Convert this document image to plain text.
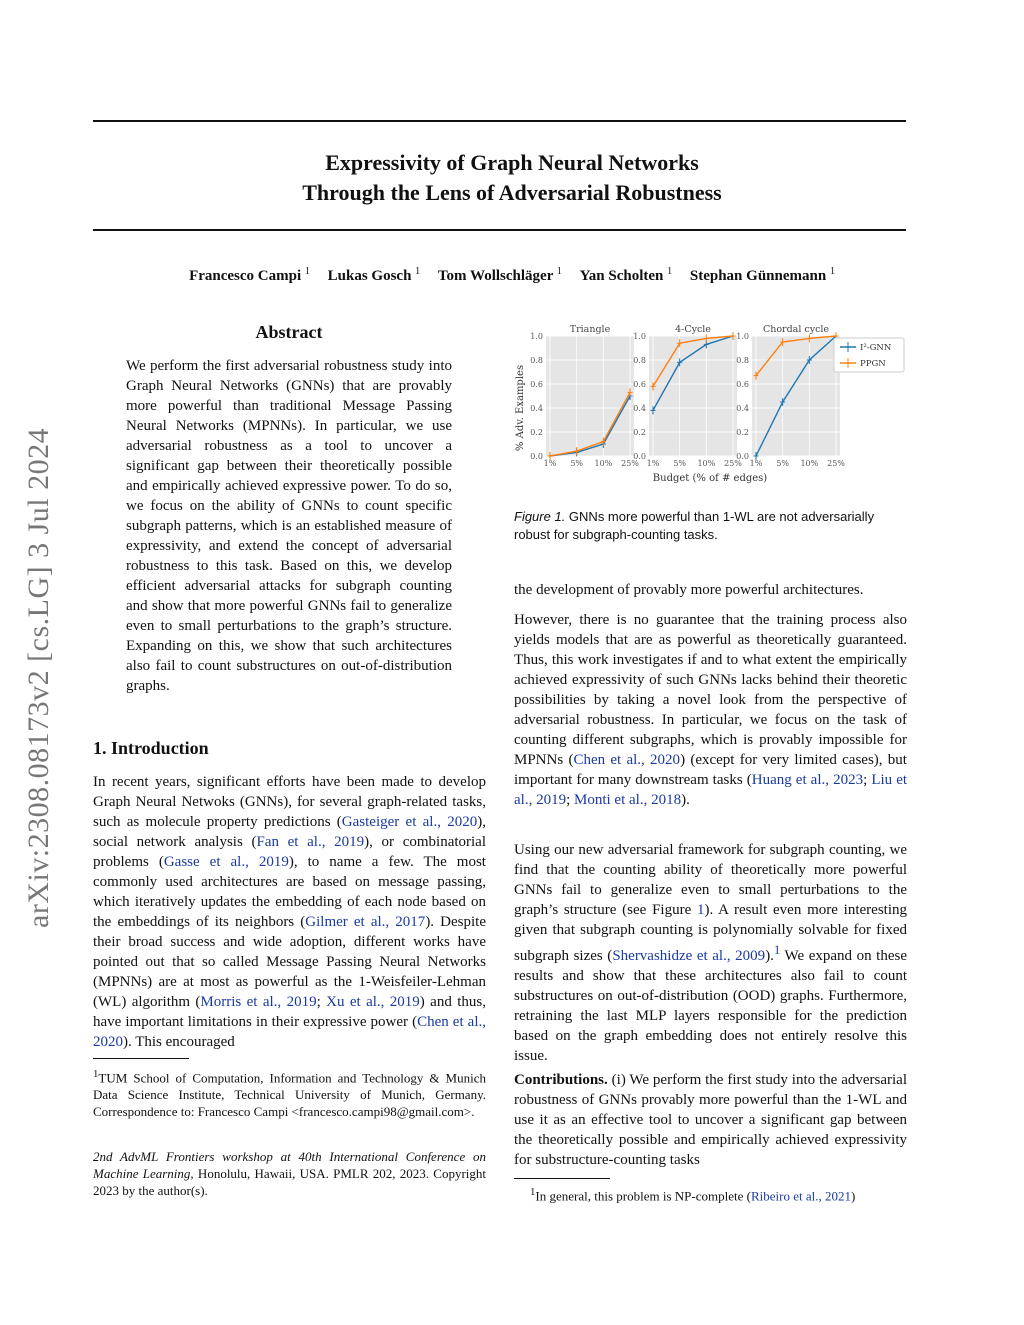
arXiv:2308.08173v2 [cs.LG] 3 Jul 2024
Expressivity of Graph Neural Networks
Through the Lens of Adversarial Robustness
Francesco Campi $^1$ Lukas Gosch $^1$ Tom Wollschläger $^1$ Yan Scholten $^1$ Stephan Günnemann $^1$
Abstract
We perform the first adversarial robustness study into Graph Neural Networks (GNNs) that are provably more powerful than traditional Message Passing Neural Networks (MPNNs). In particular, we use adversarial robustness as a tool to uncover a significant gap between their theoretically possible and empirically achieved expressive power. To do so, we focus on the ability of GNNs to count specific subgraph patterns, which is an established measure of expressivity, and extend the concept of adversarial robustness to this task. Based on this, we develop efficient adversarial attacks for subgraph counting and show that more powerful GNNs fail to generalize even to small perturbations to the graph’s structure. Expanding on this, we show that such architectures also fail to count substructures on out-of-distribution graphs.
1. Introduction
In recent years, significant efforts have been made to develop Graph Neural Netwoks (GNNs), for several graph-related tasks, such as molecule property predictions (Gasteiger et al., 2020), social network analysis (Fan et al., 2019), or combinatorial problems (Gasse et al., 2019), to name a few. The most commonly used architectures are based on message passing, which iteratively updates the embedding of each node based on the embeddings of its neighbors (Gilmer et al., 2017). Despite their broad success and wide adoption, different works have pointed out that so called Message Passing Neural Networks (MPNNs) are at most as powerful as the 1-Weisfeiler-Lehman (WL) algorithm (Morris et al., 2019; Xu et al., 2019) and thus, have important limitations in their expressive power (Chen et al., 2020). This encouraged
$^1$TUM School of Computation, Information and Technology & Munich Data Science Institute, Technical University of Munich, Germany. Correspondence to: Francesco Campi <francesco.campi98@gmail.com>.
2nd AdvML Frontiers workshop at 40th International Conference on Machine Learning, Honolulu, Hawaii, USA. PMLR 202, 2023. Copyright 2023 by the author(s).
% Adv. Examples
Budget (% of # edges)
0.0
0.2
0.4
0.6
0.8
1.0
1% 5% 10% 25%
Triangle
0.0
0.2
0.4
0.6
0.8
1.0
1% 5% 10% 25%
4-Cycle
0.0
0.2
0.4
0.6
0.8
1.0
1% 5% 10% 25%
Chordal cycle
I²-GNN
PPGN
Figure 1. GNNs more powerful than 1-WL are not adversarially robust for subgraph-counting tasks.
the development of provably more powerful architectures.
However, there is no guarantee that the training process also yields models that are as powerful as theoretically guaranteed. Thus, this work investigates if and to what extent the empirically achieved expressivity of such GNNs lacks behind their theoretic possibilities by taking a novel look from the perspective of adversarial robustness. In particular, we focus on the task of counting different subgraphs, which is provably impossible for MPNNs (Chen et al., 2020) (except for very limited cases), but important for many downstream tasks (Huang et al., 2023; Liu et al., 2019; Monti et al., 2018).
Using our new adversarial framework for subgraph counting, we find that the counting ability of theoretically more powerful GNNs fail to generalize even to small perturbations to the graph’s structure (see Figure 1). A result even more interesting given that subgraph counting is polynomially solvable for fixed subgraph sizes (Shervashidze et al., 2009).$^1$ We expand on these results and show that these architectures also fail to count substructures on out-of-distribution (OOD) graphs. Furthermore, retraining the last MLP layers responsible for the prediction based on the graph embedding does not entirely resolve this issue.
Contributions. (i) We perform the first study into the adversarial robustness of GNNs provably more powerful than the 1-WL and use it as an effective tool to uncover a significant gap between the theoretically possible and empirically achieved expressivity for substructure-counting tasks
$^1$In general, this problem is NP-complete (Ribeiro et al., 2021)
